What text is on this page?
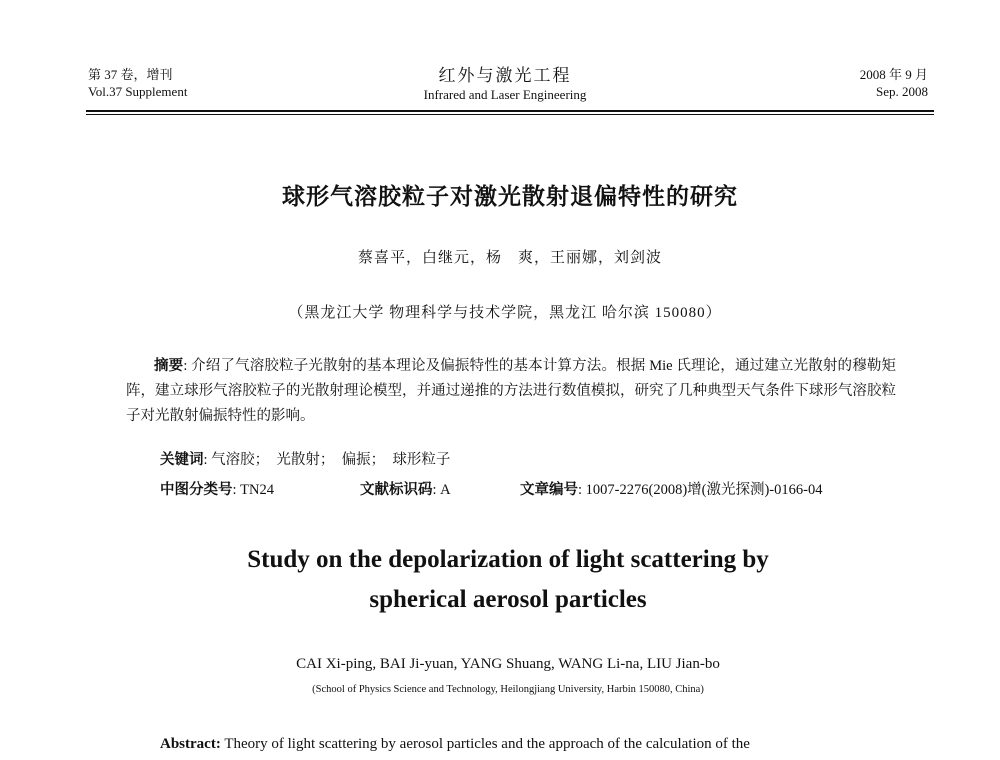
第 37 卷，增刊
Vol.37 Supplement
红外与激光工程
Infrared and Laser Engineering
2008 年 9 月
Sep. 2008
球形气溶胶粒子对激光散射退偏特性的研究
蔡喜平，白继元，杨　爽，王丽娜，刘剑波
（黑龙江大学 物理科学与技术学院，黑龙江 哈尔滨 150080）
摘要: 介绍了气溶胶粒子光散射的基本理论及偏振特性的基本计算方法。根据 Mie 氏理论，通过建立光散射的穆勒矩阵，建立球形气溶胶粒子的光散射理论模型，并通过递推的方法进行数值模拟，研究了几种典型天气条件下球形气溶胶粒子对光散射偏振特性的影响。
关键词: 气溶胶；　光散射；　偏振；　球形粒子
中图分类号: TN24	文献标识码: A	文章编号: 1007-2276(2008)增(激光探测)-0166-04
Study on the depolarization of light scattering by
spherical aerosol particles
CAI Xi-ping, BAI Ji-yuan, YANG Shuang, WANG Li-na, LIU Jian-bo
(School of Physics Science and Technology, Heilongjiang University, Harbin 150080, China)
Abstract: Theory of light scattering by aerosol particles and the approach of the calculation of the
